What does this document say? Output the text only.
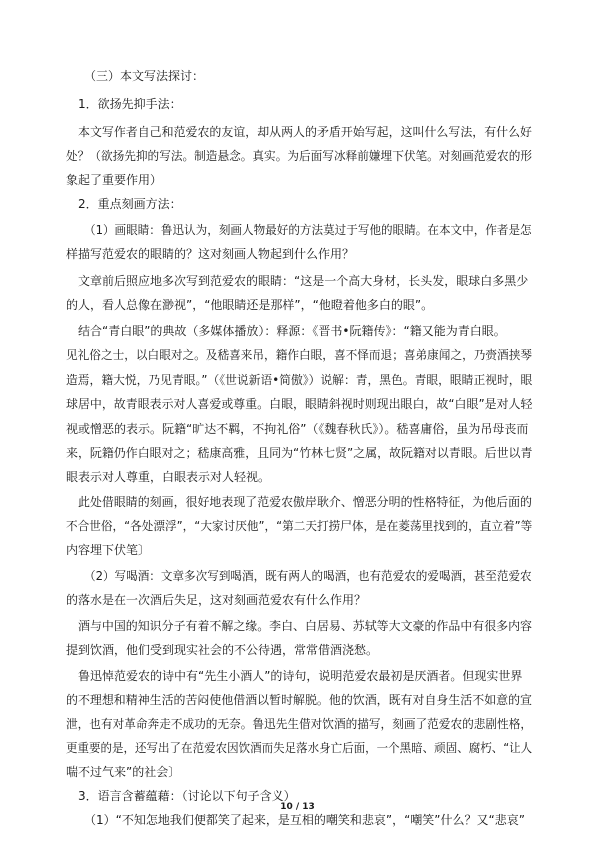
（三）本文写法探讨：
1．欲扬先抑手法：
本文写作者自己和范爱农的友谊，却从两人的矛盾开始写起，这叫什么写法，有什么好
处？（欲扬先抑的写法。制造悬念。真实。为后面写冰释前嫌埋下伏笔。对刻画范爱农的形
象起了重要作用）
2．重点刻画方法：
（1）画眼睛：鲁迅认为，刻画人物最好的方法莫过于写他的眼睛。在本文中，作者是怎
样描写范爱农的眼睛的？这对刻画人物起到什么作用？
文章前后照应地多次写到范爱农的眼睛：“这是一个高大身材，长头发，眼球白多黑少
的人，看人总像在渺视”，“他眼睛还是那样”，“他瞪着他多白的眼”。
结合“青白眼”的典故（多媒体播放）：释源：《晋书•阮籍传》：“籍又能为青白眼。
见礼俗之士，以白眼对之。及嵇喜来吊，籍作白眼，喜不怿而退；喜弟康闻之，乃赍酒挟琴
造焉，籍大悦，乃见青眼。”（《世说新语•简傲》）说解：青，黑色。青眼，眼睛正视时，眼
球居中，故青眼表示对人喜爱或尊重。白眼，眼睛斜视时则现出眼白，故“白眼”是对人轻
视或憎恶的表示。阮籍“旷达不羁，不拘礼俗”（《魏春秋氏》）。嵇喜庸俗，虽为吊母丧而
来，阮籍仍作白眼对之；嵇康高雅，且同为“竹林七贤”之属，故阮籍对以青眼。后世以青
眼表示对人尊重，白眼表示对人轻视。
此处借眼睛的刻画，很好地表现了范爱农傲岸耿介、憎恶分明的性格特征，为他后面的
不合世俗，“各处漂浮”，“大家讨厌他”，“第二天打捞尸体，是在菱荡里找到的，直立着”等
内容埋下伏笔〕
（2）写喝酒：文章多次写到喝酒，既有两人的喝酒，也有范爱农的爱喝酒，甚至范爱农
的落水是在一次酒后失足，这对刻画范爱农有什么作用？
酒与中国的知识分子有着不解之缘。李白、白居易、苏轼等大文豪的作品中有很多内容
提到饮酒，他们受到现实社会的不公待遇，常常借酒浇愁。
鲁迅悼范爱农的诗中有“先生小酒人”的诗句，说明范爱农最初是厌酒者。但现实世界
的不理想和精神生活的苦闷使他借酒以暂时解脱。他的饮酒，既有对自身生活不如意的宣
泄，也有对革命奔走不成功的无奈。鲁迅先生借对饮酒的描写，刻画了范爱农的悲剧性格，
更重要的是，还写出了在范爱农因饮酒而失足落水身亡后面，一个黑暗、顽固、腐朽、“让人
喘不过气来”的社会〕
3．语言含蓄蕴藉：（讨论以下句子含义）
（1）“不知怎地我们便都笑了起来，是互相的嘲笑和悲哀”，“嘲笑”什么？又“悲哀”
10 / 13
